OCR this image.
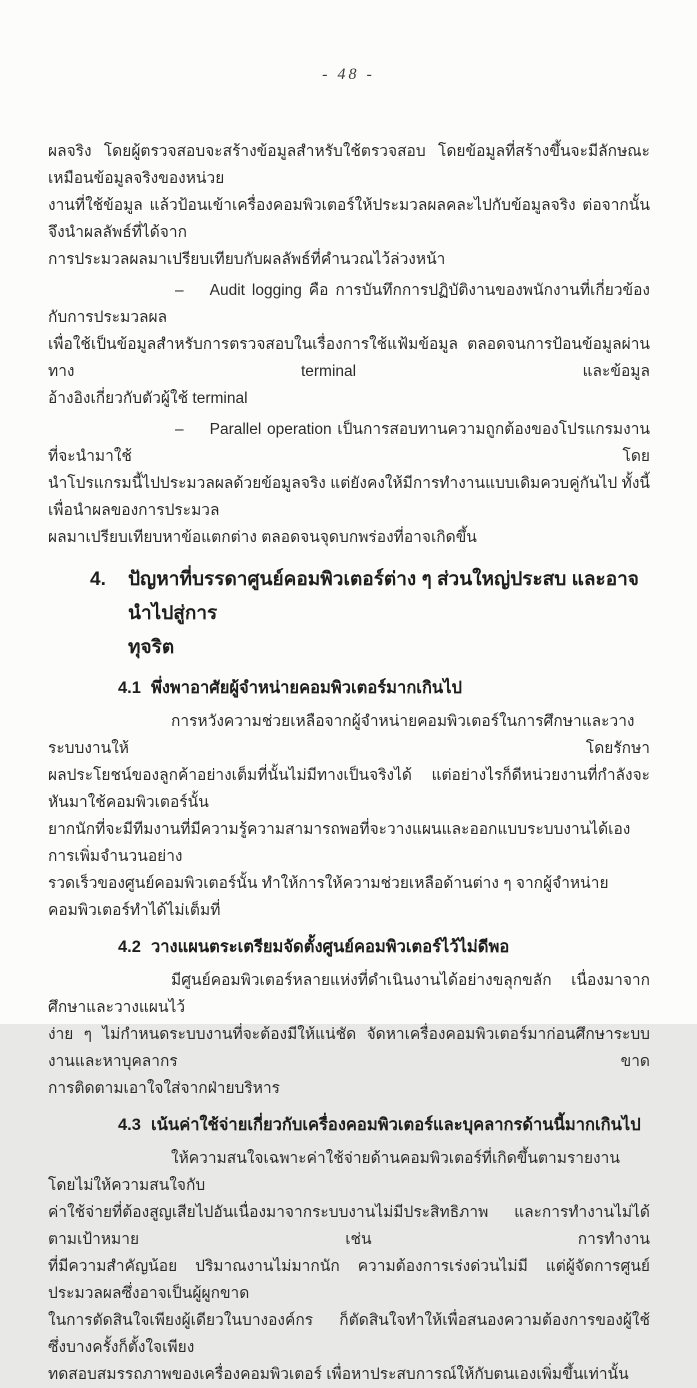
- 48 -
ผลจริง โดยผู้ตรวจสอบจะสร้างข้อมูลสำหรับใช้ตรวจสอบ โดยข้อมูลที่สร้างขึ้นจะมีลักษณะเหมือนข้อมูลจริงของหน่วย
งานที่ใช้ข้อมูล แล้วป้อนเข้าเครื่องคอมพิวเตอร์ให้ประมวลผลคละไปกับข้อมูลจริง ต่อจากนั้นจึงนำผลลัพธ์ที่ได้จาก
การประมวลผลมาเปรียบเทียบกับผลลัพธ์ที่คำนวณไว้ล่วงหน้า
– Audit logging คือ การบันทึกการปฏิบัติงานของพนักงานที่เกี่ยวข้องกับการประมวลผล
เพื่อใช้เป็นข้อมูลสำหรับการตรวจสอบในเรื่องการใช้แฟ้มข้อมูล ตลอดจนการป้อนข้อมูลผ่านทาง terminal และข้อมูล
อ้างอิงเกี่ยวกับตัวผู้ใช้ terminal
– Parallel operation เป็นการสอบทานความถูกต้องของโปรแกรมงานที่จะนำมาใช้ โดย
นำโปรแกรมนี้ไปประมวลผลด้วยข้อมูลจริง แต่ยังคงให้มีการทำงานแบบเดิมควบคู่กันไป ทั้งนี้เพื่อนำผลของการประมวล
ผลมาเปรียบเทียบหาข้อแตกต่าง ตลอดจนจุดบกพร่องที่อาจเกิดขึ้น
4.	ปัญหาที่บรรดาศูนย์คอมพิวเตอร์ต่าง ๆ ส่วนใหญ่ประสบ และอาจนำไปสู่การ
ทุจริต
4.1 พึ่งพาอาศัยผู้จำหน่ายคอมพิวเตอร์มากเกินไป
การหวังความช่วยเหลือจากผู้จำหน่ายคอมพิวเตอร์ในการศึกษาและวางระบบงานให้ โดยรักษา
ผลประโยชน์ของลูกค้าอย่างเต็มที่นั้นไม่มีทางเป็นจริงได้ แต่อย่างไรก็ดีหน่วยงานที่กำลังจะหันมาใช้คอมพิวเตอร์นั้น
ยากนักที่จะมีทีมงานที่มีความรู้ความสามารถพอที่จะวางแผนและออกแบบระบบงานได้เอง การเพิ่มจำนวนอย่าง
รวดเร็วของศูนย์คอมพิวเตอร์นั้น ทำให้การให้ความช่วยเหลือด้านต่าง ๆ จากผู้จำหน่ายคอมพิวเตอร์ทำได้ไม่เต็มที่
4.2 วางแผนตระเตรียมจัดตั้งศูนย์คอมพิวเตอร์ไว้ไม่ดีพอ
มีศูนย์คอมพิวเตอร์หลายแห่งที่ดำเนินงานได้อย่างขลุกขลัก เนื่องมาจากศึกษาและวางแผนไว้
ง่าย ๆ ไม่กำหนดระบบงานที่จะต้องมีให้แน่ชัด จัดหาเครื่องคอมพิวเตอร์มาก่อนศึกษาระบบงานและหาบุคลากร ขาด
การติดตามเอาใจใส่จากฝ่ายบริหาร
4.3 เน้นค่าใช้จ่ายเกี่ยวกับเครื่องคอมพิวเตอร์และบุคลากรด้านนี้มากเกินไป
ให้ความสนใจเฉพาะค่าใช้จ่ายด้านคอมพิวเตอร์ที่เกิดขึ้นตามรายงาน โดยไม่ให้ความสนใจกับ
ค่าใช้จ่ายที่ต้องสูญเสียไปอันเนื่องมาจากระบบงานไม่มีประสิทธิภาพ และการทำงานไม่ได้ตามเป้าหมาย เช่น การทำงาน
ที่มีความสำคัญน้อย ปริมาณงานไม่มากนัก ความต้องการเร่งด่วนไม่มี แต่ผู้จัดการศูนย์ประมวลผลซึ่งอาจเป็นผู้ผูกขาด
ในการตัดสินใจเพียงผู้เดียวในบางองค์กร ก็ตัดสินใจทำให้เพื่อสนองความต้องการของผู้ใช้ ซึ่งบางครั้งก็ตั้งใจเพียง
ทดสอบสมรรถภาพของเครื่องคอมพิวเตอร์ เพื่อหาประสบการณ์ให้กับตนเองเพิ่มขึ้นเท่านั้น
